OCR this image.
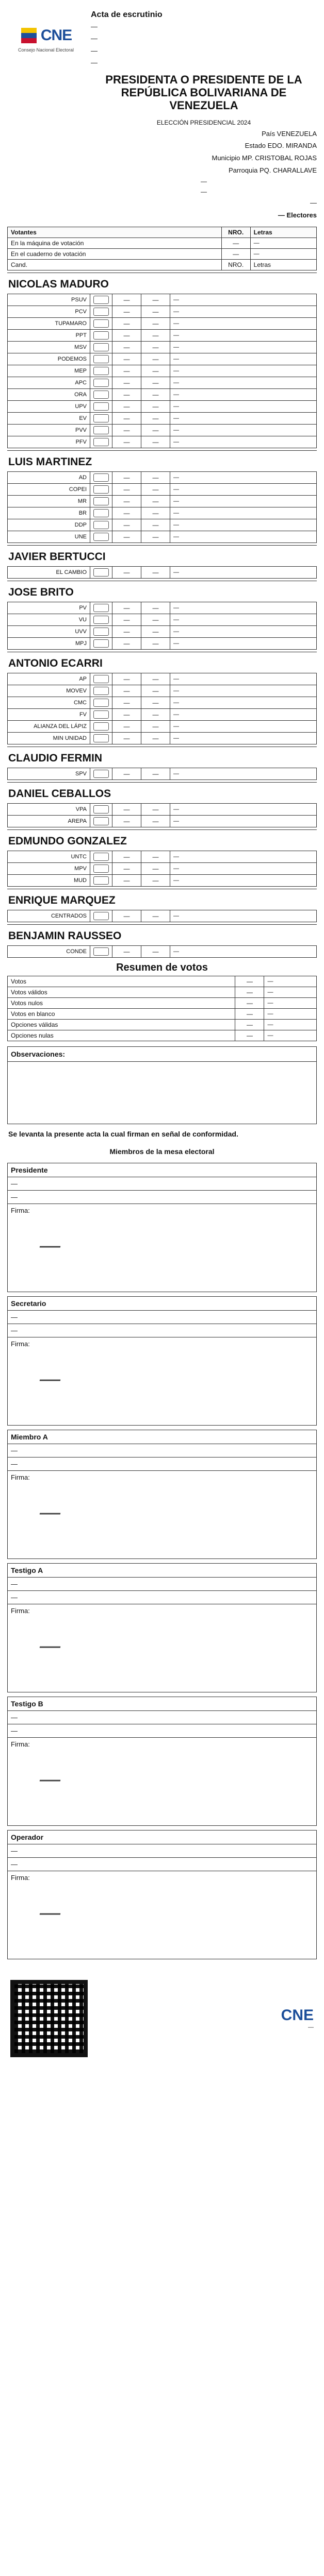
CNE
Consejo Nacional Electoral
Acta de escrutinio
—
—
—
—
PRESIDENTA O PRESIDENTE DE LA REPÚBLICA BOLIVARIANA DE VENEZUELA
ELECCIÓN PRESIDENCIAL 2024
País VENEZUELA
Estado EDO. MIRANDA
Municipio MP. CRISTOBAL ROJAS
Parroquia PQ. CHARALLAVE
—
—
—
— Electores
Votantes	NRO.	Letras
En la máquina de votación	—	—
En el cuaderno de votación	—	—
Cand.	NRO.	Letras
NICOLAS MADURO
PSUV		—	—	—
PCV		—	—	—
TUPAMARO		—	—	—
PPT		—	—	—
MSV		—	—	—
PODEMOS		—	—	—
MEP		—	—	—
APC		—	—	—
ORA		—	—	—
UPV		—	—	—
EV		—	—	—
PVV		—	—	—
PFV		—	—	—
LUIS MARTINEZ
AD		—	—	—
COPEI		—	—	—
MR		—	—	—
BR		—	—	—
DDP		—	—	—
UNE		—	—	—
JAVIER BERTUCCI
EL CAMBIO		—	—	—
JOSE BRITO
PV		—	—	—
VU		—	—	—
UVV		—	—	—
MPJ		—	—	—
ANTONIO ECARRI
AP		—	—	—
MOVEV		—	—	—
CMC		—	—	—
FV		—	—	—
ALIANZA DEL LÁPIZ		—	—	—
MIN UNIDAD		—	—	—
CLAUDIO FERMIN
SPV		—	—	—
DANIEL CEBALLOS
VPA		—	—	—
AREPA		—	—	—
EDMUNDO GONZALEZ
UNTC		—	—	—
MPV		—	—	—
MUD		—	—	—
ENRIQUE MARQUEZ
CENTRADOS		—	—	—
BENJAMIN RAUSSEO
CONDE		—	—	—
Resumen de votos
Votos	—	—
Votos válidos	—	—
Votos nulos	—	—
Votos en blanco	—	—
Opciones válidas	—	—
Opciones nulas	—	—
Observaciones:
Se levanta la presente acta la cual firman en señal de conformidad.
Miembros de la mesa electoral
Presidente
—
—
Firma:
—
Secretario
—
—
Firma:
—
Miembro A
—
—
Firma:
—
Testigo A
—
—
Firma:
—
Testigo B
—
—
Firma:
—
Operador
—
—
Firma:
—
CNE
—
